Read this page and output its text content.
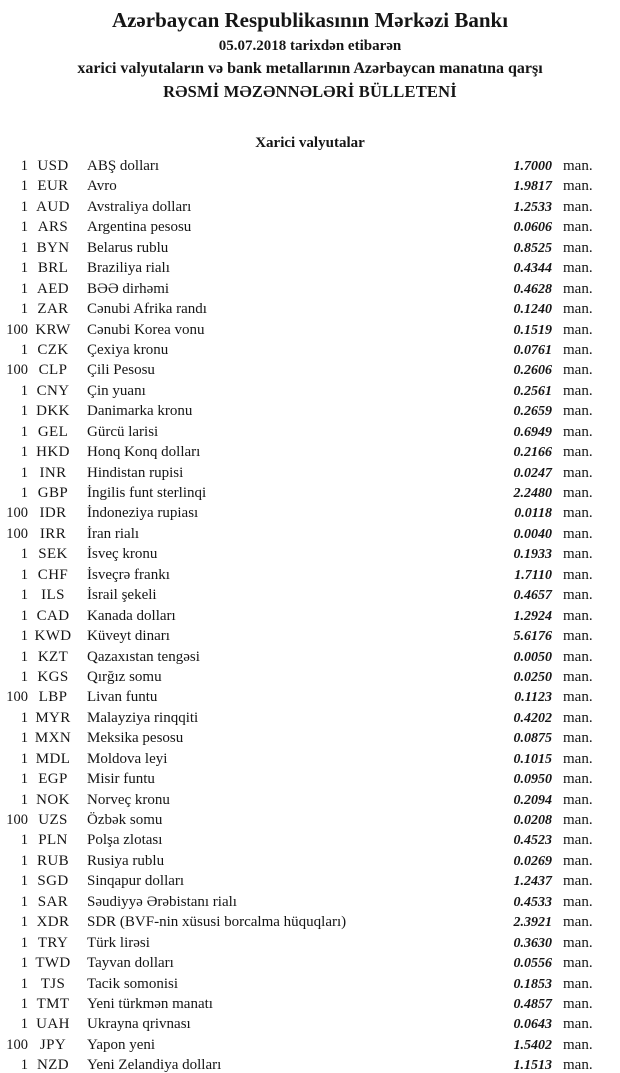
Azərbaycan Respublikasının Mərkəzi Bankı
05.07.2018 tarixdən etibarən
xarici valyutaların və bank metallarının Azərbaycan manatına qarşı
RƏSMİ MƏZƏNNƏLƏRİ BÜLLETENİ
Xarici valyutalar
1 USD	ABŞ dolları	1.7000 man.
1 EUR	Avro	1.9817 man.
1 AUD	Avstraliya dolları	1.2533 man.
1 ARS	Argentina pesosu	0.0606 man.
1 BYN	Belarus rublu	0.8525 man.
1 BRL	Braziliya rialı	0.4344 man.
1 AED	BƏƏ dirhəmi	0.4628 man.
1 ZAR	Cənubi Afrika randı	0.1240 man.
100 KRW	Cənubi Korea vonu	0.1519 man.
1 CZK	Çexiya kronu	0.0761 man.
100 CLP	Çili Pesosu	0.2606 man.
1 CNY	Çin yuanı	0.2561 man.
1 DKK	Danimarka kronu	0.2659 man.
1 GEL	Gürcü larisi	0.6949 man.
1 HKD	Honq Konq dolları	0.2166 man.
1 INR	Hindistan rupisi	0.0247 man.
1 GBP	İngilis funt sterlinqi	2.2480 man.
100 IDR	İndoneziya rupiası	0.0118 man.
100 IRR	İran rialı	0.0040 man.
1 SEK	İsveç kronu	0.1933 man.
1 CHF	İsveçrə frankı	1.7110 man.
1 ILS	İsrail şekeli	0.4657 man.
1 CAD	Kanada dolları	1.2924 man.
1 KWD	Küveyt dinarı	5.6176 man.
1 KZT	Qazaxıstan tengəsi	0.0050 man.
1 KGS	Qırğız somu	0.0250 man.
100 LBP	Livan funtu	0.1123 man.
1 MYR	Malayziya rinqqiti	0.4202 man.
1 MXN	Meksika pesosu	0.0875 man.
1 MDL	Moldova leyi	0.1015 man.
1 EGP	Misir funtu	0.0950 man.
1 NOK	Norveç kronu	0.2094 man.
100 UZS	Özbək somu	0.0208 man.
1 PLN	Polşa zlotası	0.4523 man.
1 RUB	Rusiya rublu	0.0269 man.
1 SGD	Sinqapur dolları	1.2437 man.
1 SAR	Səudiyyə Ərəbistanı rialı	0.4533 man.
1 XDR	SDR (BVF-nin xüsusi borcalma hüquqları)	2.3921 man.
1 TRY	Türk lirəsi	0.3630 man.
1 TWD	Tayvan dolları	0.0556 man.
1 TJS	Tacik somonisi	0.1853 man.
1 TMT	Yeni türkmən manatı	0.4857 man.
1 UAH	Ukrayna qrivnası	0.0643 man.
100 JPY	Yapon yeni	1.5402 man.
1 NZD	Yeni Zelandiya dolları	1.1513 man.
